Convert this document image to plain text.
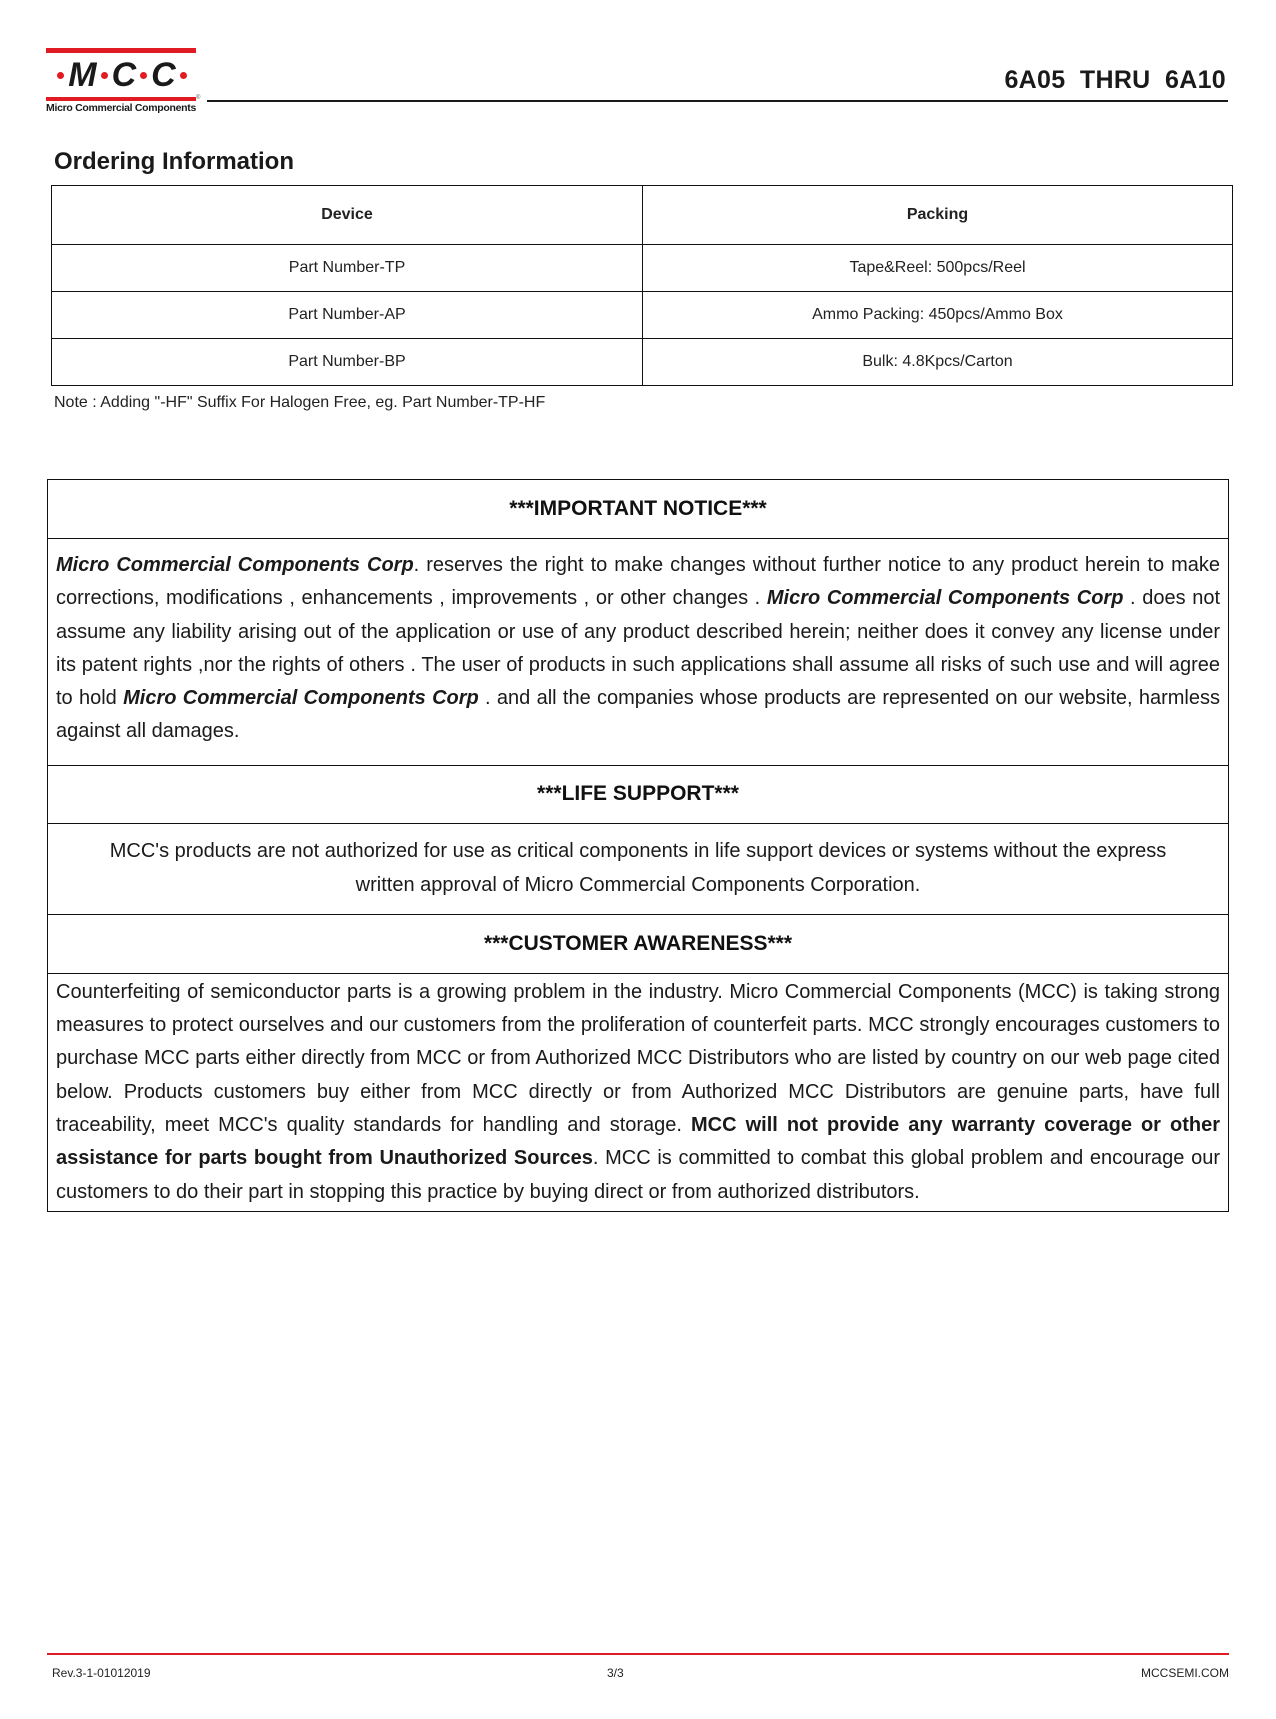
M C C
®
Micro Commercial Components
6A05  THRU  6A10
Ordering Information
Device	Packing
Part Number-TP	Tape&Reel: 500pcs/Reel
Part Number-AP	Ammo Packing: 450pcs/Ammo Box
Part Number-BP	Bulk: 4.8Kpcs/Carton
Note : Adding "-HF" Suffix For Halogen Free, eg. Part Number-TP-HF
***IMPORTANT NOTICE***
Micro Commercial Components Corp. reserves the right to make changes without further notice to any product herein to make corrections, modifications , enhancements , improvements , or other changes . Micro Commercial Components Corp . does not assume any liability arising out of the application or use of any product described herein; neither does it convey any license under its patent rights ,nor the rights of others . The user of products in such applications shall assume all risks of such use and will agree to hold Micro Commercial Components Corp . and all the companies whose products are represented on our website, harmless against all damages.
***LIFE SUPPORT***
MCC's products are not authorized for use as critical components in life support devices or systems without the express written approval of Micro Commercial Components Corporation.
***CUSTOMER AWARENESS***
Counterfeiting of semiconductor parts is a growing problem in the industry. Micro Commercial Components (MCC) is taking strong measures to protect ourselves and our customers from the proliferation of counterfeit parts. MCC strongly encourages customers to purchase MCC parts either directly from MCC or from Authorized MCC Distributors who are listed by country on our web page cited below. Products customers buy either from MCC directly or from Authorized MCC Distributors are genuine parts, have full traceability, meet MCC's quality standards for handling and storage. MCC will not provide any warranty coverage or other assistance for parts bought from Unauthorized Sources. MCC is committed to combat this global problem and encourage our customers to do their part in stopping this practice by buying direct or from authorized distributors.
Rev.3-1-01012019	3/3	MCCSEMI.COM
